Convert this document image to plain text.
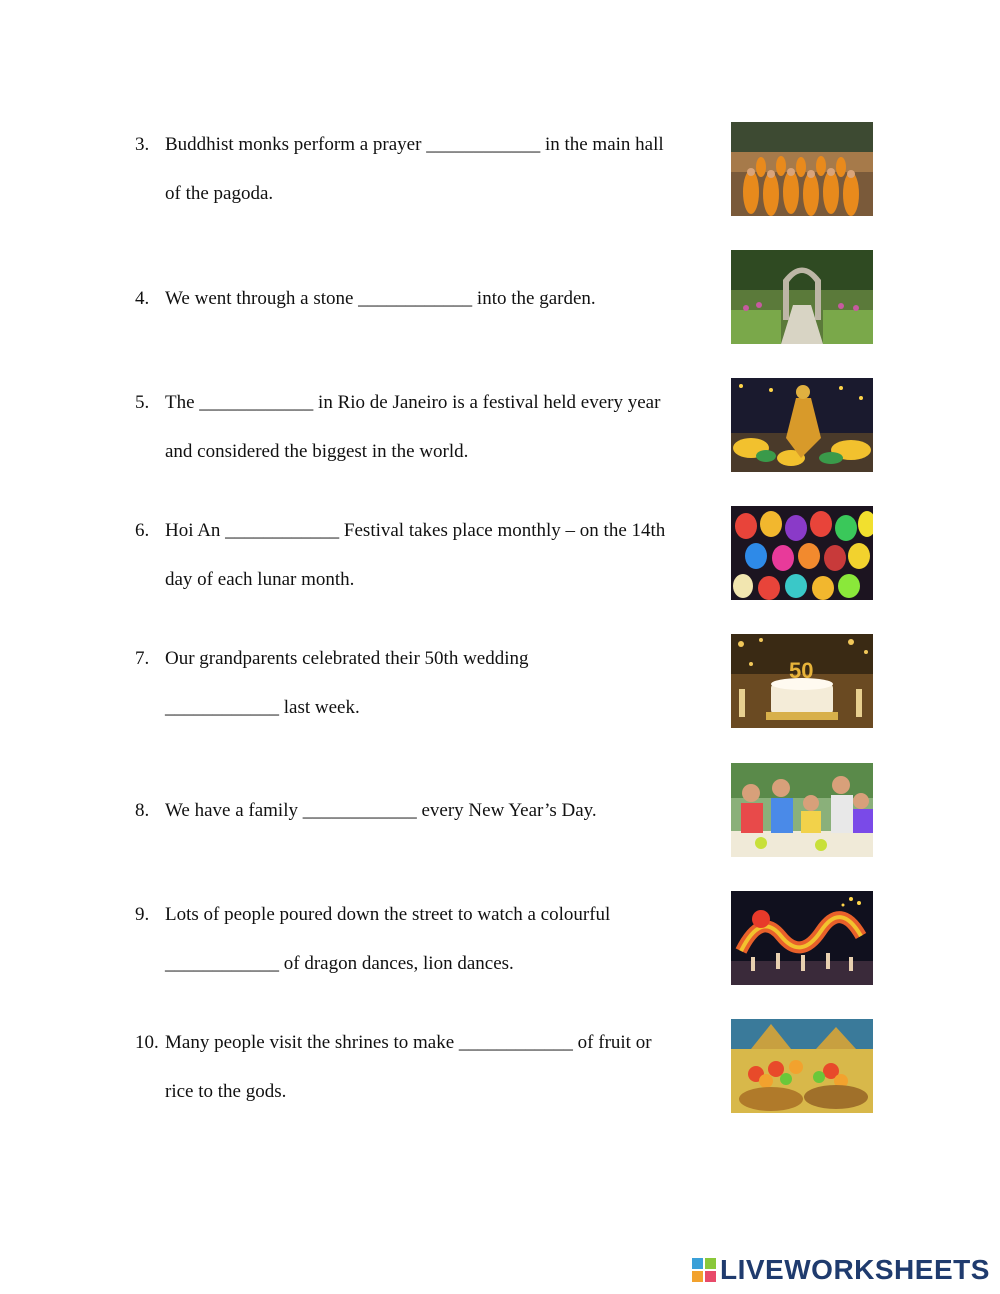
3. Buddhist monks perform a prayer ____________ in the main hall
of the pagoda.
4. We went through a stone ____________ into the garden.
5. The ____________ in Rio de Janeiro is a festival held every year
and considered the biggest in the world.
6. Hoi An ____________ Festival takes place monthly – on the 14th
day of each lunar month.
7. Our grandparents celebrated their 50th wedding
____________ last week.
50
8. We have a family ____________ every New Year’s Day.
9. Lots of people poured down the street to watch a colourful
____________ of dragon dances, lion dances.
10. Many people visit the shrines to make ____________ of fruit or
rice to the gods.
LIVEWORKSHEETS
